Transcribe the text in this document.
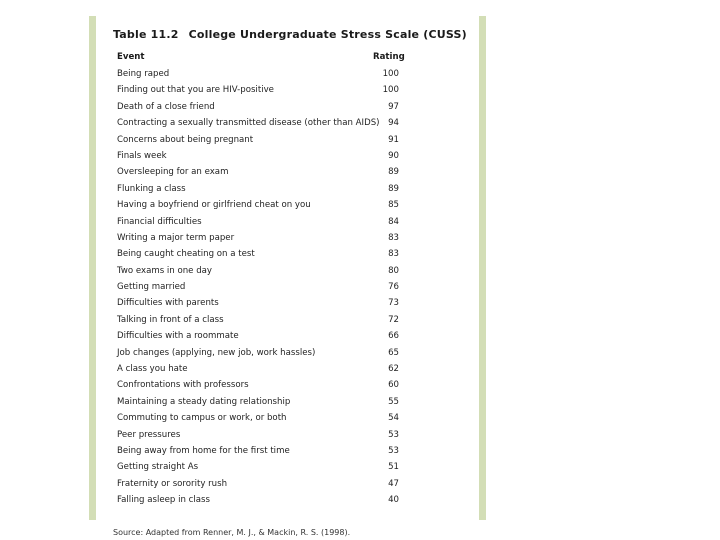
Table 11.2 College Undergraduate Stress Scale (CUSS)
Event	Rating
Being raped	100
Finding out that you are HIV-positive	100
Death of a close friend	97
Contracting a sexually transmitted disease (other than AIDS) 94
Concerns about being pregnant	91
Finals week	90
Oversleeping for an exam	89
Flunking a class	89
Having a boyfriend or girlfriend cheat on you	85
Financial difficulties	84
Writing a major term paper	83
Being caught cheating on a test	83
Two exams in one day	80
Getting married	76
Difficulties with parents	73
Talking in front of a class	72
Difficulties with a roommate	66
Job changes (applying, new job, work hassles)	65
A class you hate	62
Confrontations with professors	60
Maintaining a steady dating relationship	55
Commuting to campus or work, or both	54
Peer pressures	53
Being away from home for the first time	53
Getting straight As	51
Fraternity or sorority rush	47
Falling asleep in class	40
Source: Adapted from Renner, M. J., & Mackin, R. S. (1998).
